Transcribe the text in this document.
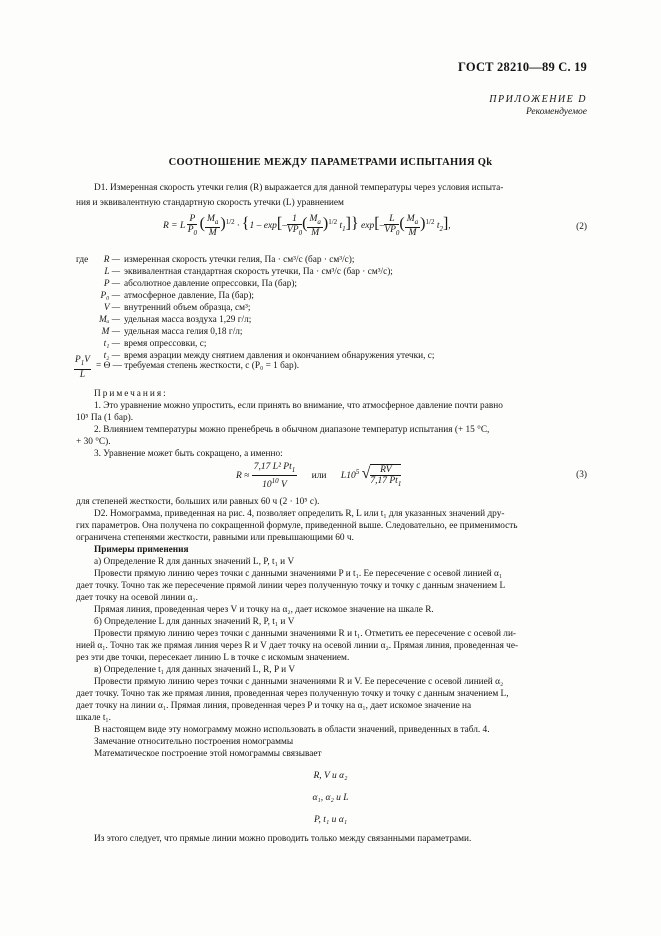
ГОСТ 28210—89 С. 19
ПРИЛОЖЕНИЕ D
Рекомендуемое
СООТНОШЕНИЕ МЕЖДУ ПАРАМЕТРАМИ ИСПЫТАНИЯ Qk
D1. Измеренная скорость утечки гелия (R) выражается для данной температуры через условия испыта-
ния и эквивалентную стандартную скорость утечки (L) уравнением
R = L $\frac{P}{P_0}$ ( $\frac{M_a}{M} )^{1/2} \cdot \{1 - \exp[- \frac{1}{VP_0}$ ( $\frac{M_a}{M} )^{1/2}$ $t_1$]} $\exp[- \frac{L}{VP_0}$ ( $\frac{M_a}{M} )^{1/2}$ $t_2$],	(2)
где	R — измеренная скорость утечки гелия, Па · см³/с (бар · см³/с);
L — эквивалентная стандартная скорость утечки, Па · см³/с (бар · см³/с);
P — абсолютное давление опрессовки, Па (бар);
P₀ — атмосферное давление, Па (бар);
V — внутренний объем образца, см³;
Mₐ — удельная масса воздуха 1,29 г/л;
M — удельная масса гелия 0,18 г/л;
t₁ — время опрессовки, с;
t₂ — время аэрации между снятием давления и окончанием обнаружения утечки, с;
$P_1V$
L
= Θ — требуемая степень жесткости, с (P₀ = 1 бар).
Примечания:
1. Это уравнение можно упростить, если принять во внимание, что атмосферное давление почти равно
10⁵ Па (1 бар).
2. Влиянием температуры можно пренебречь в обычном диапазоне температур испытания (+ 15 °С,
+ 30 °С).
3. Уравнение может быть сокращено, а именно:
$R \approx \frac{7,17 L^2 Pt_1}{10^{10} V}$ или $L10^5$ √ $\frac{RV}{7,17 Pt_1}$	(3)
для степеней жесткости, больших или равных 60 ч (2 · 10⁵ с).
D2. Номограмма, приведенная на рис. 4, позволяет определить R, L или t₁ для указанных значений дру-
гих параметров. Она получена по сокращенной формуле, приведенной выше. Следовательно, ее применимость
ограничена степенями жесткости, равными или превышающими 60 ч.
Примеры применения
а) Определение R для данных значений L, P, t₁ и V
Провести прямую линию через точки с данными значениями P и t₁. Ее пересечение с осевой линией α₁
дает точку. Точно так же пересечение прямой линии через полученную точку и точку с данным значением L
дает точку на осевой линии α₂.
Прямая линия, проведенная через V и точку на α₂, дает искомое значение на шкале R.
б) Определение L для данных значений R, P, t₁ и V
Провести прямую линию через точки с данными значениями R и t₁. Отметить ее пересечение с осевой ли-
нией α₁. Точно так же прямая линия через R и V дает точку на осевой линии α₂. Прямая линия, проведенная че-
рез эти две точки, пересекает линию L в точке с искомым значением.
в) Определение t₁ для данных значений L, R, P и V
Провести прямую линию через точки с данными значениями R и V. Ее пересечение с осевой линией α₂
дает точку. Точно так же прямая линия, проведенная через полученную точку и точку с данным значением L,
дает точку на линии α₁. Прямая линия, проведенная через P и точку на α₁, дает искомое значение на
шкале t₁.
В настоящем виде эту номограмму можно использовать в области значений, приведенных в табл. 4.
Замечание относительно построения номограммы
Математическое построение этой номограммы связывает
R, V и α₂
α₁, α₂ и L
P, t₁ и α₁
Из этого следует, что прямые линии можно проводить только между связанными параметрами.
